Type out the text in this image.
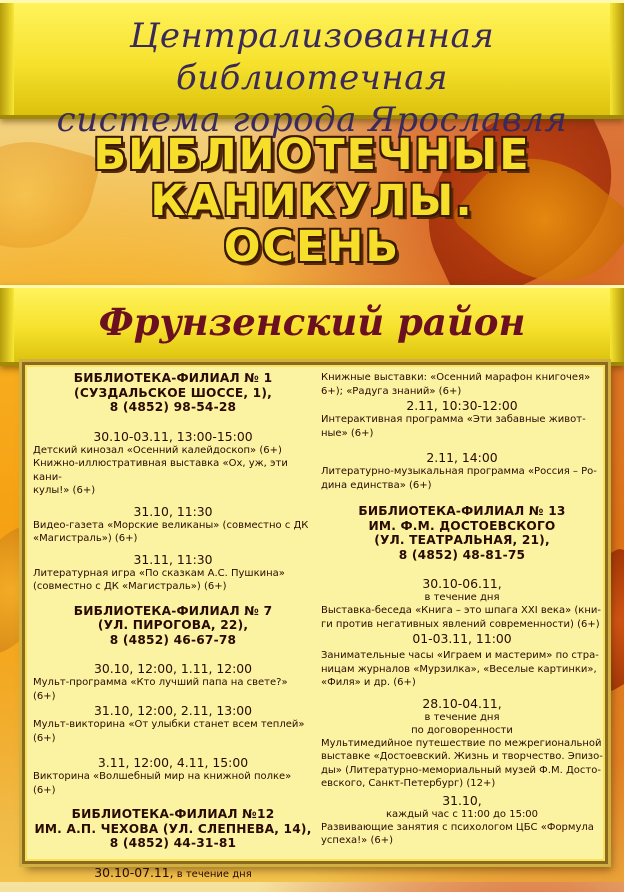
Централизованная библиотечная
система города Ярославля
БИБЛИОТЕЧНЫЕ
КАНИКУЛЫ.
ОСЕНЬ
Фрунзенский район

БИБЛИОТЕКА-ФИЛИАЛ № 1
(СУЗДАЛЬСКОЕ ШОССЕ, 1),
8 (4852) 98-54-28

30.10-03.11, 13:00-15:00

Детский кинозал «Осенний калейдоскоп» (6+)

Книжно-иллюстративная выставка «Ох, уж, эти кани-

кулы!» (6+)

31.10, 11:30

Видео-газета «Морские великаны» (совместно с ДК

«Магистраль») (6+)

31.11, 11:30

Литературная игра «По сказкам А.С. Пушкина»

(совместно с ДК «Магистраль») (6+)

БИБЛИОТЕКА-ФИЛИАЛ № 7
(УЛ. ПИРОГОВА, 22),
8 (4852) 46-67-78

30.10, 12:00, 1.11, 12:00

Мульт-программа «Кто лучший папа на свете?» (6+)

31.10, 12:00, 2.11, 13:00

Мульт-викторина «От улыбки станет всем теплей»

(6+)

3.11, 12:00, 4.11, 15:00

Викторина «Волшебный мир на книжной полке»

(6+)

БИБЛИОТЕКА-ФИЛИАЛ №12
ИМ. А.П. ЧЕХОВА (УЛ. СЛЕПНЕВА, 14),
8 (4852) 44-31-81

30.10-07.11, в течение дня

Книжные выставки: «Осенний марафон книгочея»

6+); «Радуга знаний» (6+)

2.11, 10:30-12:00

Интерактивная программа «Эти забавные живот-

ные» (6+)

2.11, 14:00

Литературно-музыкальная программа «Россия – Ро-

дина единства» (6+)

БИБЛИОТЕКА-ФИЛИАЛ № 13
ИМ. Ф.М. ДОСТОЕВСКОГО
(УЛ. ТЕАТРАЛЬНАЯ, 21),
8 (4852) 48-81-75

30.10-06.11,
в течение дня

Выставка-беседа «Книга – это шпага XXI века» (кни-

ги против негативных явлений современности) (6+)

01-03.11, 11:00

Занимательные часы «Играем и мастерим» по стра-

ницам журналов «Мурзилка», «Веселые картинки»,

«Филя» и др. (6+)

28.10-04.11,
в течение дня
по договоренности

Мультимедийное путешествие по межрегиональной

выставке «Достоевский. Жизнь и творчество. Эпизо-

ды» (Литературно-мемориальный музей Ф.М. Досто-

евского, Санкт-Петербург) (12+)

31.10,
каждый час с 11:00 до 15:00

Развивающие занятия с психологом ЦБС «Формула

успеха!» (6+)
